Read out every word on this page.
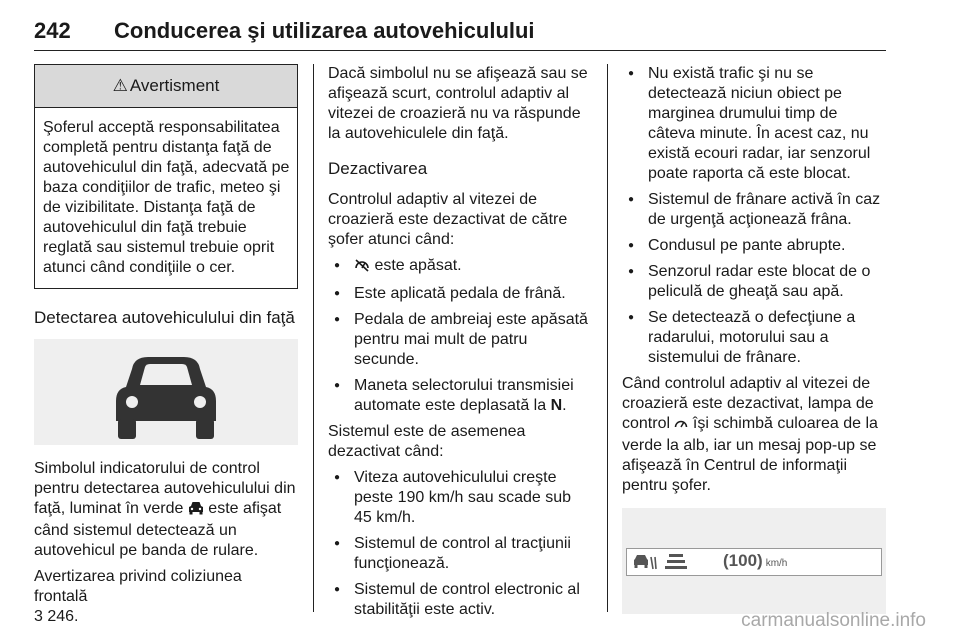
242 Conducerea şi utilizarea autovehiculului
⚠ Avertisment
Şoferul acceptă responsabilitatea completă pentru distanţa faţă de autovehiculul din faţă, adecvată pe baza condiţiilor de trafic, meteo şi de vizibilitate. Distanţa faţă de autovehiculul din faţă trebuie reglată sau sistemul trebuie oprit atunci când condiţiile o cer.
Detectarea autovehiculului din faţă

Simbolul indicatorului de control pentru detectarea autovehiculului din faţă, luminat în verde  este afişat când sistemul detectează un autovehicul pe banda de rulare.

Avertizarea privind coliziunea frontală
3 246.

Dacă simbolul nu se afişează sau se afişează scurt, controlul adaptiv al vitezei de croazieră nu va răspunde la autovehiculele din faţă.

Dezactivarea

Controlul adaptiv al vitezei de croazieră este dezactivat de către şofer atunci când:

● este apăsat.
● Este aplicată pedala de frână.
● Pedala de ambreiaj este apăsată pentru mai mult de patru secunde.
● Maneta selectorului transmisiei automate este deplasată la N.

Sistemul este de asemenea dezactivat când:

● Viteza autovehiculului creşte peste 190 km/h sau scade sub 45 km/h.
● Sistemul de control al tracţiunii funcţionează.
● Sistemul de control electronic al stabilităţii este activ.
● Nu există trafic şi nu se detectează niciun obiect pe marginea drumului timp de câteva minute. În acest caz, nu există ecouri radar, iar senzorul poate raporta că este blocat.
● Sistemul de frânare activă în caz de urgenţă acţionează frâna.
● Condusul pe pante abrupte.
● Senzorul radar este blocat de o peliculă de gheaţă sau apă.
● Se detectează o defecţiune a radarului, motorului sau a sistemului de frânare.

Când controlul adaptiv al vitezei de croazieră este dezactivat, lampa de control  îşi schimbă culoarea de la verde la alb, iar un mesaj pop-up se afişează în Centrul de informaţii pentru şofer.

(100) km/h
carmanualsonline.info
